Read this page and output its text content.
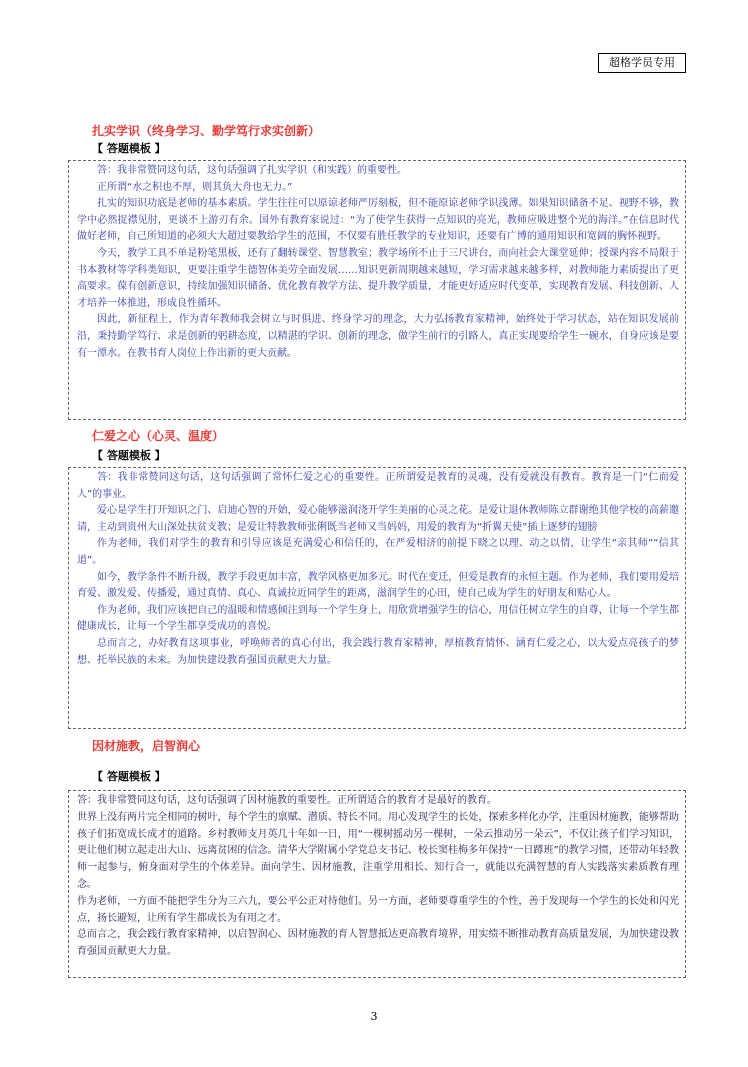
超格学员专用
扎实学识（终身学习、勤学笃行求实创新）
【 答题模板 】

答：我非常赞同这句话，这句话强调了扎实学识（和实践）的重要性。

正所谓“水之积也不厚，则其负大舟也无力。”

扎实的知识功底是老师的基本素质。学生往往可以原谅老师严厉刻板，但不能原谅老师学识浅薄。如果知识储备不足、视野不够，教学中必然捉襟见肘，更谈不上游刃有余。国外有教育家说过：“为了使学生获得一点知识的亮光，教师应吸进整个光的海洋。”在信息时代做好老师，自己所知道的必须大大超过要教给学生的范围，不仅要有胜任教学的专业知识，还要有广博的通用知识和宽阔的胸怀视野。

今天，教学工具不单是粉笔黑板，还有了翻转课堂、智慧教室；教学场所不止于三尺讲台，而向社会大课堂延伸；授课内容不局限于书本教材等学科类知识，更要注重学生德智体美劳全面发展……知识更新周期越来越短，学习需求越来越多样，对教师能力素质提出了更高要求。葆有创新意识，持续加强知识储备、优化教育教学方法、提升教学质量，才能更好适应时代变革，实现教育发展、科技创新、人才培养一体推进，形成良性循环。

因此，新征程上，作为青年教师我会树立与时俱进、终身学习的理念，大力弘扬教育家精神，始终处于学习状态，站在知识发展前沿，秉持勤学笃行、求是创新的躬耕态度，以精湛的学识、创新的理念，做学生前行的引路人，真正实现要给学生一碗水，自身应该是要有一潭水。在教书育人岗位上作出新的更大贡献。

仁爱之心（心灵、温度）
【 答题模板 】

答：我非常赞同这句话，这句话强调了常怀仁爱之心的重要性。正所谓爱是教育的灵魂，没有爱就没有教育。教育是一门“仁而爱人”的事业。

爱心是学生打开知识之门、启迪心智的开始，爱心能够滋润浇开学生美丽的心灵之花。是爱让退休教师陈立群谢绝其他学校的高薪邀请，主动到贵州大山深处扶贫支教；是爱让特教教师张俐既当老师又当妈妈，用爱的教育为“折翼天使”插上逐梦的翅膀

作为老师，我们对学生的教育和引导应该是充满爱心和信任的，在严爱相济的前提下晓之以理、动之以情，让学生“亲其师”“信其道”。

如今，教学条件不断升级，教学手段更加丰富，教学风格更加多元。时代在变迁，但爱是教育的永恒主题。作为老师，我们要用爱培育爱、激发爱、传播爱，通过真情、真心、真诚拉近同学生的距离，滋润学生的心田，使自己成为学生的好朋友和贴心人。

作为老师，我们应该把自己的温暖和情感倾注到每一个学生身上，用欣赏增强学生的信心，用信任树立学生的自尊，让每一个学生都健康成长，让每一个学生都享受成功的喜悦。

总而言之，办好教育这项事业，呼唤师者的真心付出，我会践行教育家精神，厚植教育情怀、涵育仁爱之心，以大爱点亮孩子的梦想、托举民族的未来。为加快建设教育强国贡献更大力量。

因材施教，启智润心
【 答题模板 】

答：我非常赞同这句话，这句话强调了因材施教的重要性。正所谓适合的教育才是最好的教育。

世界上没有两片完全相同的树叶，每个学生的禀赋、潜质、特长不同。用心发现学生的长处，探索多样化办学，注重因材施教，能够帮助孩子们拓宽成长成才的道路。乡村教师支月英几十年如一日，用“一棵树摇动另一棵树，一朵云推动另一朵云”，不仅让孩子们学习知识，更让他们树立起走出大山、远离贫困的信念。清华大学附属小学党总支书记、校长窦桂梅多年保持“一日蹲班”的教学习惯，还带动年轻教师一起参与，俯身面对学生的个体差异。面向学生、因材施教，注重学用相长、知行合一，就能以充满智慧的育人实践落实素质教育理念。

作为老师，一方面不能把学生分为三六九，要公平公正对待他们。另一方面，老师要尊重学生的个性，善于发现每一个学生的长处和闪光点，扬长避短，让所有学生都成长为有用之才。

总而言之，我会践行教育家精神，以启智润心、因材施教的育人智慧抵达更高教育境界，用实绩不断推动教育高质量发展，为加快建设教育强国贡献更大力量。

3
